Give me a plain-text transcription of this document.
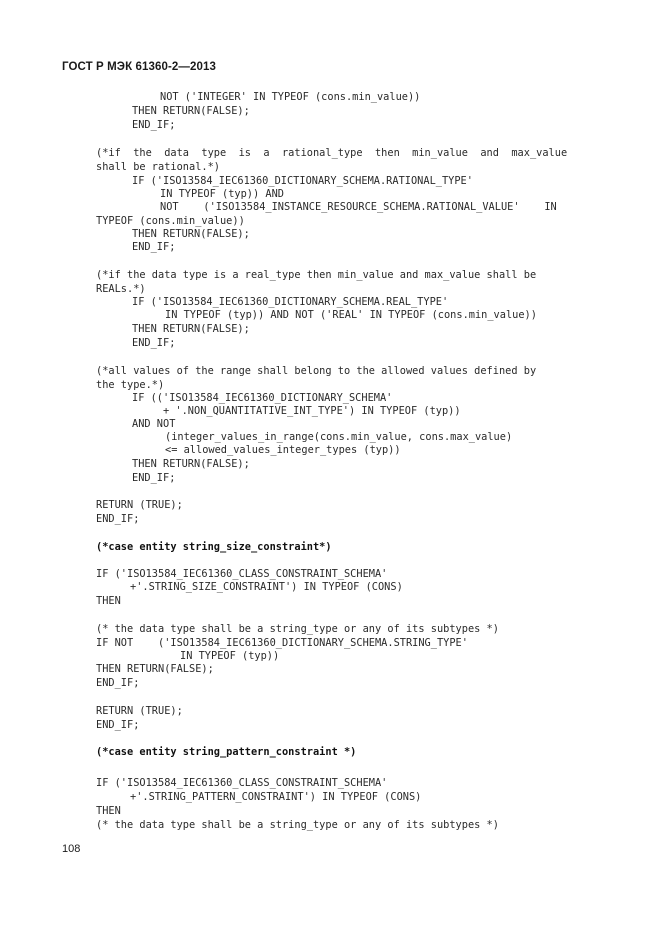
ГОСТ Р МЭК 61360-2—2013

NOT ('INTEGER' IN TYPEOF (cons.min_value))

THEN RETURN(FALSE);

END_IF;

(*if  the  data  type  is  a  rational_type  then  min_value  and  max_value

shall be rational.*)

IF ('ISO13584_IEC61360_DICTIONARY_SCHEMA.RATIONAL_TYPE'

IN TYPEOF (typ)) AND

NOT    ('ISO13584_INSTANCE_RESOURCE_SCHEMA.RATIONAL_VALUE'    IN

TYPEOF (cons.min_value))

THEN RETURN(FALSE);

END_IF;

(*if the data type is a real_type then min_value and max_value shall be

REALs.*)

IF ('ISO13584_IEC61360_DICTIONARY_SCHEMA.REAL_TYPE'

IN TYPEOF (typ)) AND NOT ('REAL' IN TYPEOF (cons.min_value))

THEN RETURN(FALSE);

END_IF;

(*all values of the range shall belong to the allowed values defined by

the type.*)

IF (('ISO13584_IEC61360_DICTIONARY_SCHEMA'

+ '.NON_QUANTITATIVE_INT_TYPE') IN TYPEOF (typ))

AND NOT

(integer_values_in_range(cons.min_value, cons.max_value)

<= allowed_values_integer_types (typ))

THEN RETURN(FALSE);

END_IF;

RETURN (TRUE);

END_IF;

(*case entity string_size_constraint*)

IF ('ISO13584_IEC61360_CLASS_CONSTRAINT_SCHEMA'

+'.STRING_SIZE_CONSTRAINT') IN TYPEOF (CONS)

THEN

(* the data type shall be a string_type or any of its subtypes *)

IF NOT    ('ISO13584_IEC61360_DICTIONARY_SCHEMA.STRING_TYPE'

IN TYPEOF (typ))

THEN RETURN(FALSE);

END_IF;

RETURN (TRUE);

END_IF;

(*case entity string_pattern_constraint *)

IF ('ISO13584_IEC61360_CLASS_CONSTRAINT_SCHEMA'

+'.STRING_PATTERN_CONSTRAINT') IN TYPEOF (CONS)

THEN

(* the data type shall be a string_type or any of its subtypes *)

108
